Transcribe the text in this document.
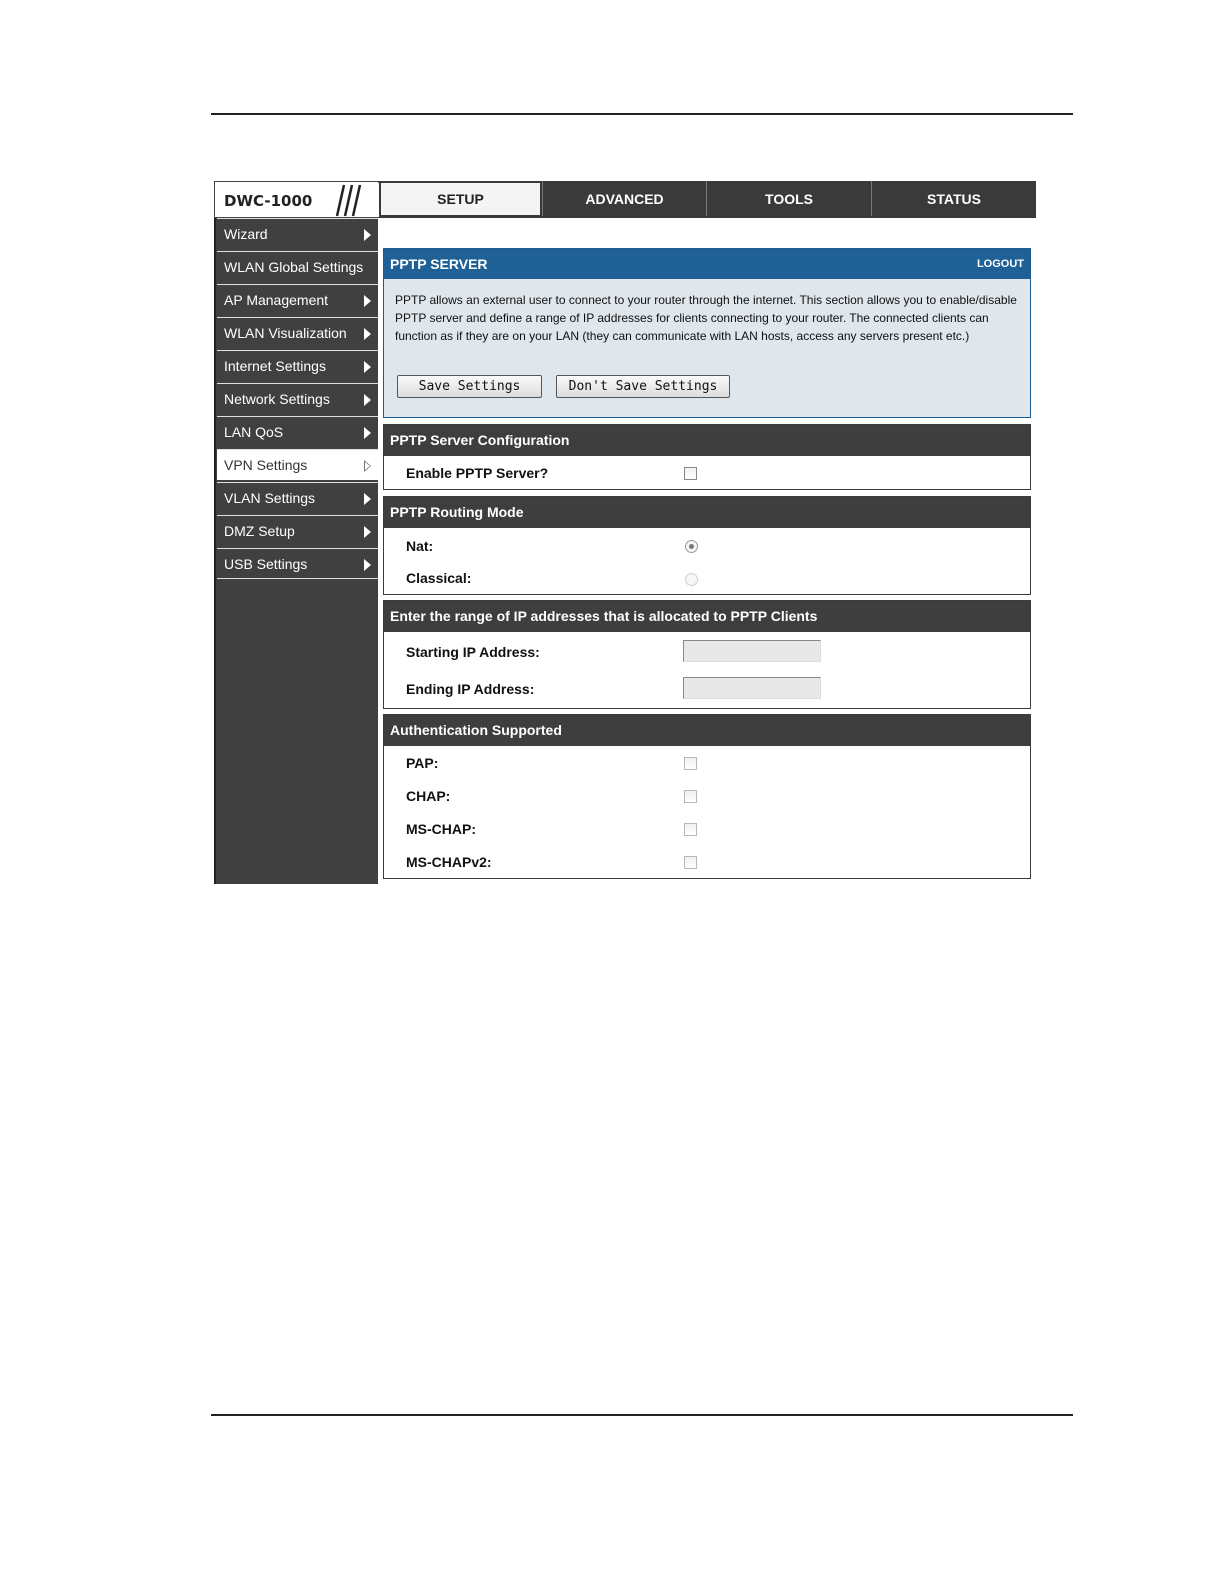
DWC-1000	SETUP	ADVANCED	TOOLS	STATUS
Wizard
WLAN Global Settings
AP Management
WLAN Visualization
Internet Settings
Network Settings
LAN QoS
VPN Settings
VLAN Settings
DMZ Setup
USB Settings
PPTP SERVER	LOGOUT
PPTP allows an external user to connect to your router through the internet. This section allows you to enable/disable PPTP server and define a range of IP addresses for clients connecting to your router. The connected clients can function as if they are on your LAN (they can communicate with LAN hosts, access any servers present etc.)
Save Settings	Don't Save Settings
PPTP Server Configuration
Enable PPTP Server?
PPTP Routing Mode
Nat:
Classical:
Enter the range of IP addresses that is allocated to PPTP Clients
Starting IP Address:
Ending IP Address:
Authentication Supported
PAP:
CHAP:
MS-CHAP:
MS-CHAPv2:
